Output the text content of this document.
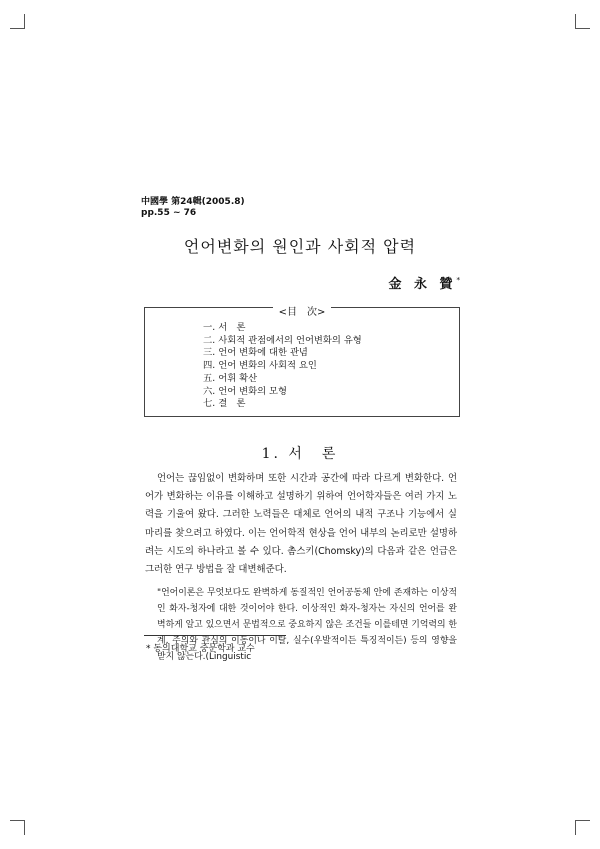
中國學 第24輯(2005.8)
pp.55 ~ 76
언어변화의 원인과 사회적 압력
金 永 贊*
<目　次>
一. 서　론
二. 사회적 관점에서의 언어변화의 유형
三. 언어 변화에 대한 관념
四. 언어 변화의 사회적 요인
五. 어휘 확산
六. 언어 변화의 모형
七. 결　론
1. 서　론

언어는 끊임없이 변화하며 또한 시간과 공간에 따라 다르게 변화한다. 언어가 변화하는 이유를 이해하고 설명하기 위하여 언어학자들은 여러 가지 노력을 기울여 왔다. 그러한 노력들은 대체로 언어의 내적 구조나 기능에서 실마리를 찾으려고 하였다. 이는 언어학적 현상을 언어 내부의 논리로만 설명하려는 시도의 하나라고 볼 수 있다. 촘스키(Chomsky)의 다음과 같은 언급은 그러한 연구 방법을 잘 대변해준다.

"언어이론은 무엇보다도 완벽하게 동질적인 언어공동체 안에 존재하는 이상적인 화자-청자에 대한 것이어야 한다. 이상적인 화자-청자는 자신의 언어를 완벽하게 알고 있으면서 문법적으로 중요하지 않은 조건들 이를테면 기억력의 한계, 주의와 관심의 이동이나 이탈, 실수(우발적이든 특징적이든) 등의 영향을 받지 않는다.(Linguistic
* 동의대학교 중문학과 교수
